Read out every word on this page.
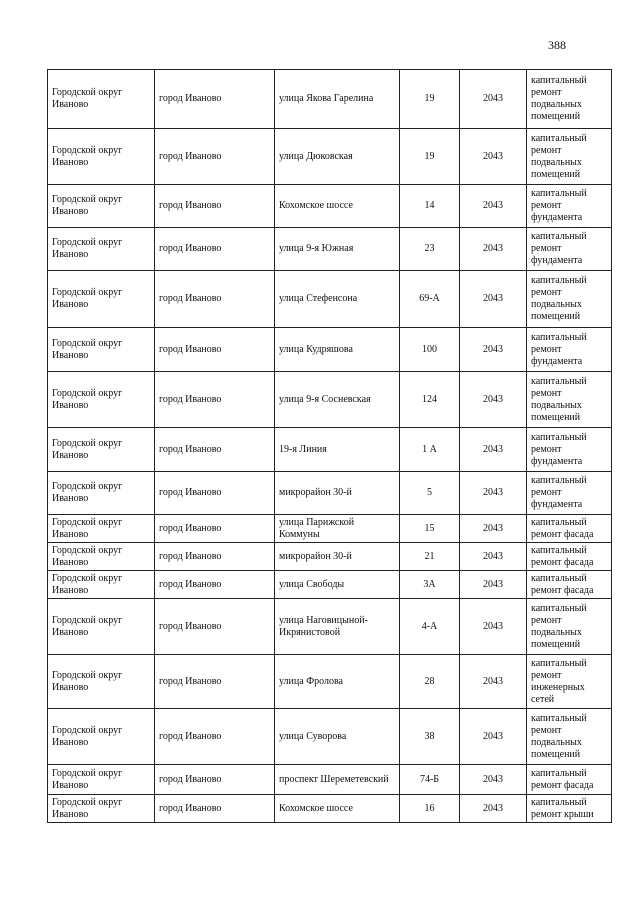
388
Городской округ Иваново	город Иваново	улица Якова Гарелина	19	2043	капитальный ремонт подвальных помещений
Городской округ Иваново	город Иваново	улица Дюковская	19	2043	капитальный ремонт подвальных помещений
Городской округ Иваново	город Иваново	Кохомское шоссе	14	2043	капитальный ремонт фундамента
Городской округ Иваново	город Иваново	улица 9-я Южная	23	2043	капитальный ремонт фундамента
Городской округ Иваново	город Иваново	улица Стефенсона	69-А	2043	капитальный ремонт подвальных помещений
Городской округ Иваново	город Иваново	улица Кудряшова	100	2043	капитальный ремонт фундамента
Городской округ Иваново	город Иваново	улица 9-я Сосневская	124	2043	капитальный ремонт подвальных помещений
Городской округ Иваново	город Иваново	19-я Линия	1 А	2043	капитальный ремонт фундамента
Городской округ Иваново	город Иваново	микрорайон 30-й	5	2043	капитальный ремонт фундамента
Городской округ Иваново	город Иваново	улица Парижской Коммуны	15	2043	капитальный ремонт фасада
Городской округ Иваново	город Иваново	микрорайон 30-й	21	2043	капитальный ремонт фасада
Городской округ Иваново	город Иваново	улица Свободы	3А	2043	капитальный ремонт фасада
Городской округ Иваново	город Иваново	улица Наговицыной-Икрянистовой	4-А	2043	капитальный ремонт подвальных помещений
Городской округ Иваново	город Иваново	улица Фролова	28	2043	капитальный ремонт инженерных сетей
Городской округ Иваново	город Иваново	улица Суворова	38	2043	капитальный ремонт подвальных помещений
Городской округ Иваново	город Иваново	проспект Шереметевский	74-Б	2043	капитальный ремонт фасада
Городской округ Иваново	город Иваново	Кохомское шоссе	16	2043	капитальный ремонт крыши
